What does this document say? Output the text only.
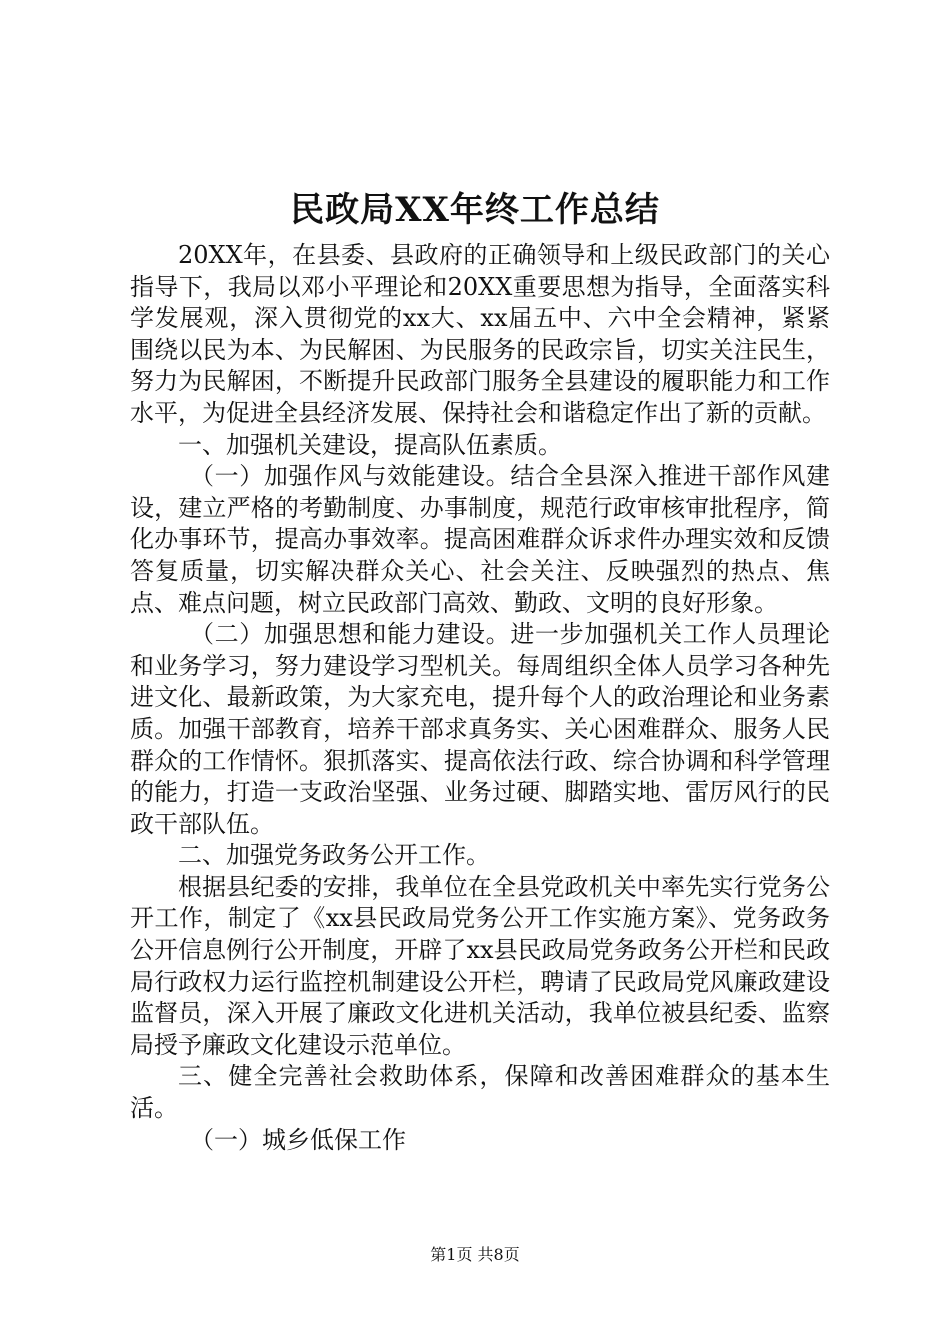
民政局XX年终工作总结

20XX年，在县委、县政府的正确领导和上级民政部门的关心指导下，我局以邓小平理论和20XX重要思想为指导，全面落实科学发展观，深入贯彻党的xx大、xx届五中、六中全会精神，紧紧围绕以民为本、为民解困、为民服务的民政宗旨，切实关注民生，努力为民解困，不断提升民政部门服务全县建设的履职能力和工作水平，为促进全县经济发展、保持社会和谐稳定作出了新的贡献。

一、加强机关建设，提高队伍素质。

（一）加强作风与效能建设。结合全县深入推进干部作风建设，建立严格的考勤制度、办事制度，规范行政审核审批程序，简化办事环节，提高办事效率。提高困难群众诉求件办理实效和反馈答复质量，切实解决群众关心、社会关注、反映强烈的热点、焦点、难点问题，树立民政部门高效、勤政、文明的良好形象。

（二）加强思想和能力建设。进一步加强机关工作人员理论和业务学习，努力建设学习型机关。每周组织全体人员学习各种先进文化、最新政策，为大家充电，提升每个人的政治理论和业务素质。加强干部教育，培养干部求真务实、关心困难群众、服务人民群众的工作情怀。狠抓落实、提高依法行政、综合协调和科学管理的能力，打造一支政治坚强、业务过硬、脚踏实地、雷厉风行的民政干部队伍。

二、加强党务政务公开工作。

根据县纪委的安排，我单位在全县党政机关中率先实行党务公开工作，制定了《xx县民政局党务公开工作实施方案》、党务政务公开信息例行公开制度，开辟了xx县民政局党务政务公开栏和民政局行政权力运行监控机制建设公开栏，聘请了民政局党风廉政建设监督员，深入开展了廉政文化进机关活动，我单位被县纪委、监察局授予廉政文化建设示范单位。

三、健全完善社会救助体系，保障和改善困难群众的基本生活。

（一）城乡低保工作

第1页 共8页
